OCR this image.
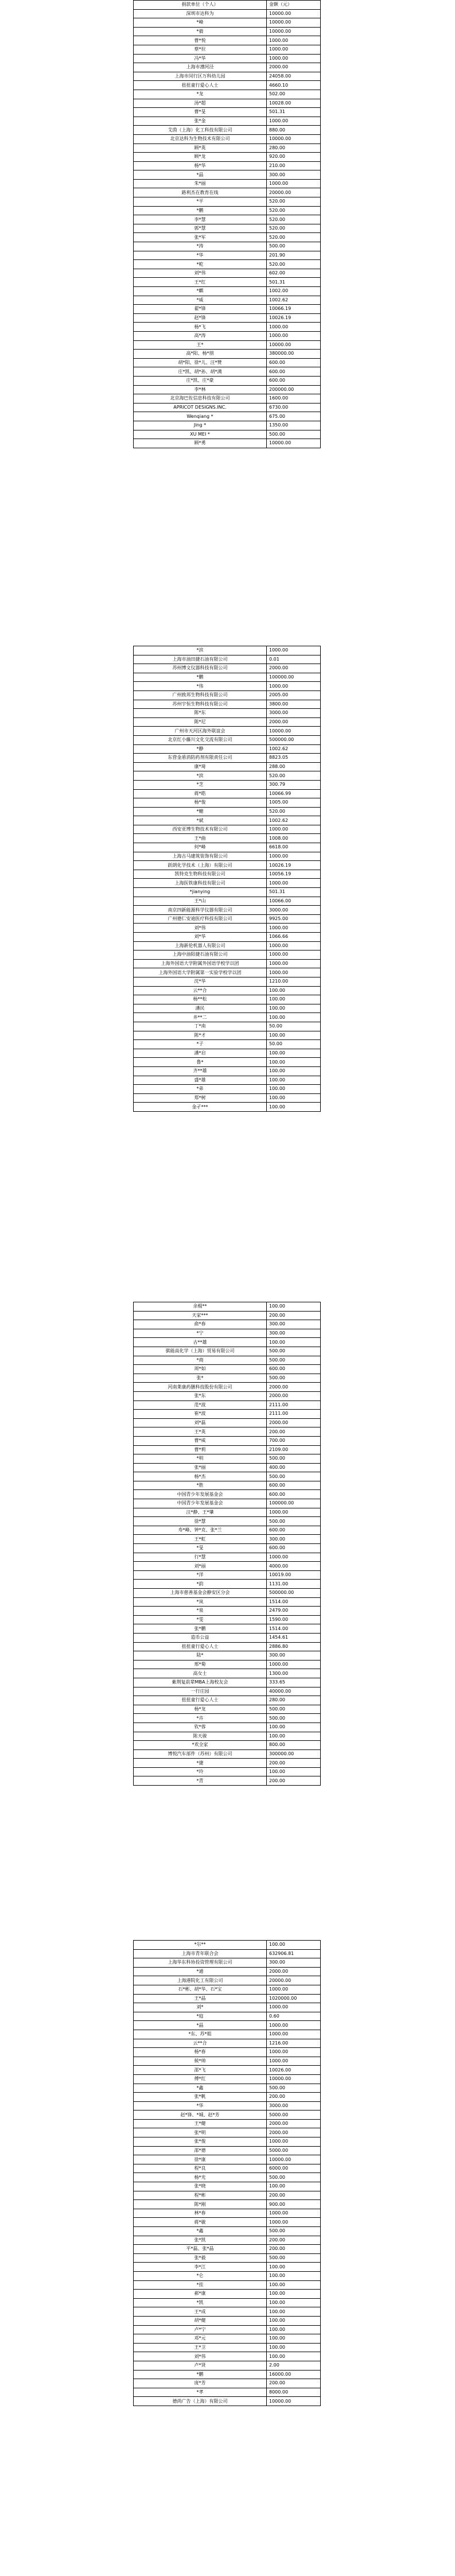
捐款单位（个人）	金额（元）
深圳市达科为	10000.00
*峰	10000.00
*毅	10000.00
曹*悦	1000.00
蔡*拉	1000.00
冯*华	1000.00
上海市漕河泾	2000.00
上海市闵行区万科幼儿园	24058.00
扭扭童行爱心人士	4660.10
*龙	502.00
汤*超	10028.00
曹*旻	501.31
张*金	1000.00
艾茵（上海）化工科技有限公司	880.00
北京达科为生物技术有限公司	10000.00
顾*英	280.00
顾*龙	920.00
杨*华	210.00
*晶	300.00
朱*丽	1000.00
路利杰在教育在线	20000.00
*平	520.00
*鹏	520.00
李*慧	520.00
郭*慧	520.00
张*军	520.00
*涛	500.00
*华	201.90
*乾	520.00
刘*伟	602.00
王*红	501.31
*麒	1002.00
*威	1002.62
翟*锋	10066.19
赵*锋	10026.19
杨*飞	1000.00
高*涛	1000.00
王*	10000.00
高*阳、杨*朋	380000.00
胡*阳、徐*儿、汪*赞	600.00
庄*凯、胡*孙、胡*满	600.00
庄*凯、庄*豪	600.00
李*林	200000.00
北京海巴佐信息科技有限公司	1600.00
APRICOT DESIGNS.INC.	6730.00
Wenqiang *	675.00
Jing *	1350.00
XU MEI *	500.00
顾*勇	10000.00
*滨	1000.00
上海市油田捷石油有限公司	0.01
苏州博文仪器科技有限公司	2000.00
*鹏	100000.00
*伟	1000.00
广州致邦生物科技有限公司	2005.00
苏州宇恒生物科技有限公司	3800.00
陈*东	3000.00
陈*尼	2000.00
广州市天河区海外联谊会	10000.00
北京红小藤川文化交流有限公司	500000.00
*静	1002.62
东营金盾消防药剂有限责任公司	8823.05
康*琦	288.00
*滨	520.00
*芝	300.79
蒋*皓	10066.99
杨*俊	1005.00
*姗	520.00
*斌	1002.62
西安亚博生物技术有限公司	1000.00
王*曲	1008.00
何*峰	6618.00
上海古马建筑装饰有限公司	1000.00
跃朗化学技术（上海）有限公司	10026.19
凯特克生物科技有限公司	10056.19
上海医铁康科技有限公司	1000.00
*jianying	501.31
王*山	10066.00
南京四新能源科学仪器有限公司	3000.00
广州德仁安迪医疗科技有限公司	9925.00
刘*伟	1000.00
刘*华	1066.66
上海新伦机器人有限公司	1000.00
上海中油阳捷石油有限公司	1000.00
上海外国语大学附属外国语学校学以团	1000.00
上海外国语大学附属第一实验学校学以团	1000.00
沈*华	1210.00
云**合	100.00
杨**松	100.00
潘民	100.00
井**二	100.00
丁*南	50.00
陈*才	100.00
*子	50.00
潘*启	100.00
鲁*	100.00
齐**雄	100.00
盛*雄	100.00
*弟	100.00
郑*树	100.00
金孑***	100.00
余棍**	100.00
天家***	200.00
俞*春	300.00
*宁	300.00
古**雄	100.00
骐能高化学（上海）贸易有限公司	500.00
*商	500.00
周*如	600.00
张*	500.00
河南莱康药膳科技股份有限公司	2000.00
张*东	2000.00
范*波	2111.00
崔*波	2111.00
刘*磊	2000.00
王*英	200.00
曹*威	700.00
曹*莉	2109.00
*明	500.00
张*丽	400.00
杨*杰	500.00
*胜	600.00
中国青少年发展基金会	600.00
中国青少年发展基金会	100000.00
汪*静、王*肇	1000.00
徐*慧	500.00
寿*峰、钟*克、张*兰	600.00
王*虹	300.00
*旻	600.00
行*慧	1000.00
刘*丽	4000.00
*洋	10019.00
*韵	1131.00
上海市慈善基金会静安区分会	500000.00
*岚	1514.00
*泉	2479.00
*雯	1590.00
张*鹏	1514.00
造币公益	1454.61
扭扭童行爱心人士	2886.80
陆*	300.00
邢*菊	1000.00
高女士	1300.00
紫荆复前辈MBA上海校友会	333.65
一行庄园	40000.00
扭扭童行爱心人士	280.00
杨*龙	500.00
*卉	500.00
钦*蓉	100.00
陈天骏	100.00
*欢全家	800.00
博悦汽车部件（苏州）有限公司	300000.00
*捷	200.00
*玲	100.00
*青	200.00
*尔**	100.00
上海市青年联合会	632906.81
上海华东科协投资管理有限公司	300.00
*通	2000.00
上海港院化工有限公司	20000.00
石*彬、胡*华、石*宝	1000.00
王*晶	1020000.00
刘*	1000.00
*庭	0.60
*晶	1000.00
*东、苏*姐	1000.00
云**合	1216.00
杨*春	1000.00
候*帅	1000.00
邵*飞	10026.00
傅*红	10000.00
*鑫	500.00
张*帆	200.00
*华	3000.00
赵*锋、*城、赵*芳	5000.00
王*健	2000.00
张*明	2000.00
张*俊	1000.00
邵*德	5000.00
徐*康	10000.00
程*良	6000.00
杨*光	500.00
张*晓	100.00
程*彬	200.00
陈*刚	900.00
林*春	1000.00
蒋*敏	1000.00
*鑫	500.00
张*凯	200.00
平*磊、张*晶	200.00
张*毅	500.00
李*江	100.00
*仑	100.00
*挂	100.00
郝*康	100.00
*凯	100.00
王*成	100.00
胡*健	100.00
卢*宁	100.00
邓*元	100.00
王*卫	100.00
刘*伟	100.00
卢*贤	2.00
*鹏	16000.00
庞*芳	200.00
*孝	8000.00
德尚广告（上海）有限公司	10000.00
